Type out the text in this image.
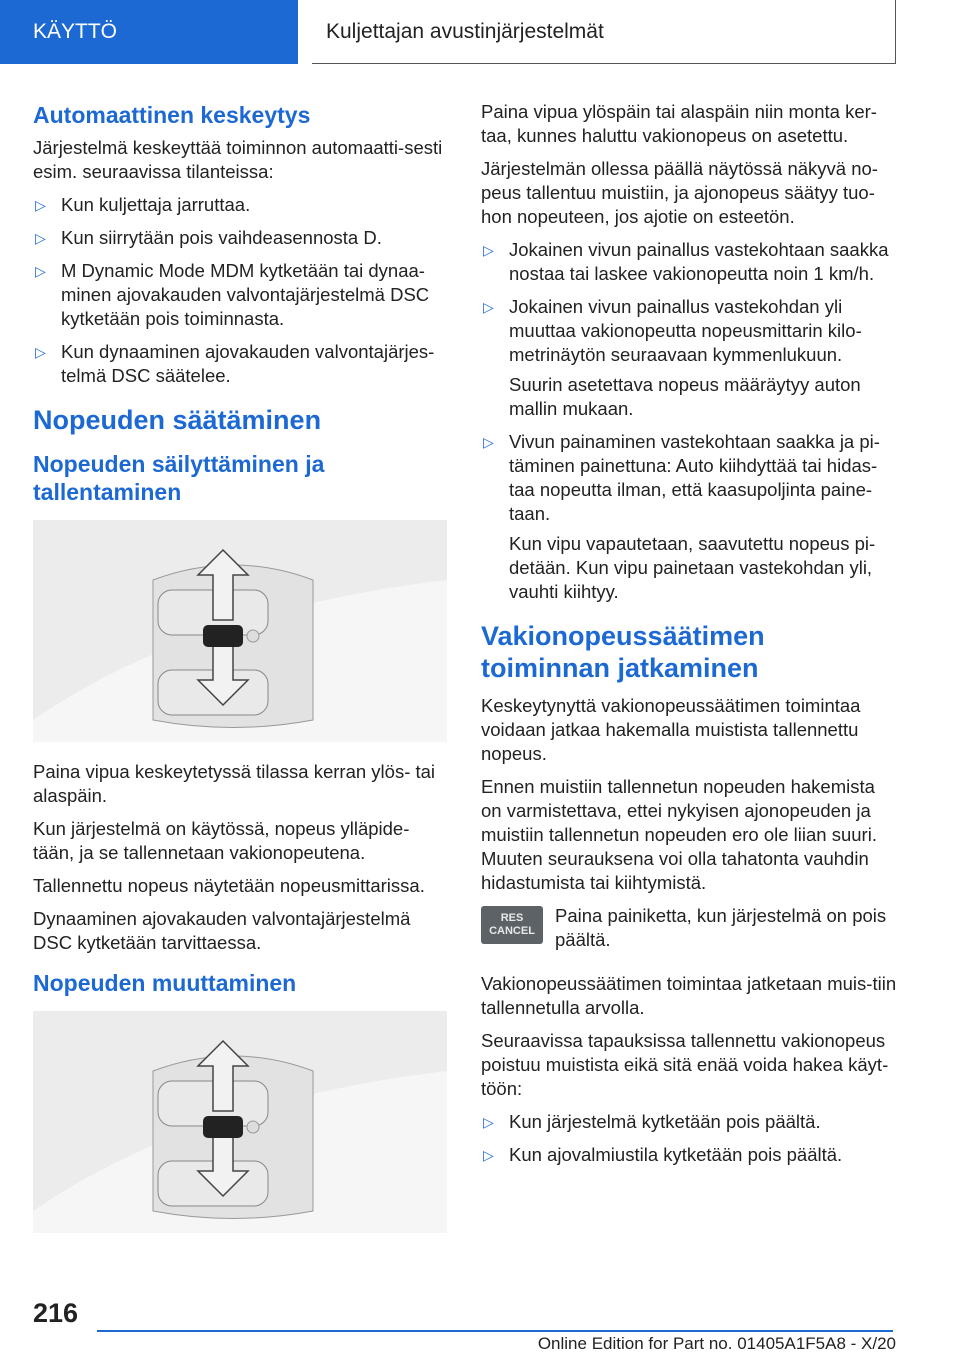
KÄYTTÖ	Kuljettajan avustinjärjestelmät
Automaattinen keskeytys

Järjestelmä keskeyttää toiminnon automaatti-sesti esim. seuraavissa tilanteissa:

▷ Kun kuljettaja jarruttaa.
▷ Kun siirrytään pois vaihdeasennosta D.
▷ M Dynamic Mode MDM kytketään tai dynaa-minen ajovakauden valvontajärjestelmä DSC kytketään pois toiminnasta.
▷ Kun dynaaminen ajovakauden valvontajärjes-telmä DSC säätelee.
Nopeuden säätäminen
Nopeuden säilyttäminen ja tallentaminen

Paina vipua keskeytetyssä tilassa kerran ylös- tai alaspäin.

Kun järjestelmä on käytössä, nopeus ylläpide-tään, ja se tallennetaan vakionopeutena.

Tallennettu nopeus näytetään nopeusmittarissa.

Dynaaminen ajovakauden valvontajärjestelmä DSC kytketään tarvittaessa.

Nopeuden muuttaminen

Paina vipua ylöspäin tai alaspäin niin monta ker-taa, kunnes haluttu vakionopeus on asetettu.

Järjestelmän ollessa päällä näytössä näkyvä no-peus tallentuu muistiin, ja ajonopeus säätyy tuo-hon nopeuteen, jos ajotie on esteetön.

▷ Jokainen vivun painallus vastekohtaan saakka nostaa tai laskee vakionopeutta noin 1 km/h.
▷ Jokainen vivun painallus vastekohdan yli muuttaa vakionopeutta nopeusmittarin kilo-metrinäytön seuraavaan kymmenlukuun.

Suurin asetettava nopeus määräytyy auton mallin mukaan.

▷ Vivun painaminen vastekohtaan saakka ja pi-täminen painettuna: Auto kiihdyttää tai hidas-taa nopeutta ilman, että kaasupoljinta paine-taan.

Kun vipu vapautetaan, saavutettu nopeus pi-detään. Kun vipu painetaan vastekohdan yli, vauhti kiihtyy.

Vakionopeussäätimen toiminnan jatkaminen

Keskeytynyttä vakionopeussäätimen toimintaa voidaan jatkaa hakemalla muistista tallennettu nopeus.

Ennen muistiin tallennetun nopeuden hakemista on varmistettava, ettei nykyisen ajonopeuden ja muistiin tallennetun nopeuden ero ole liian suuri. Muuten seurauksena voi olla tahatonta vauhdin hidastumista tai kiihtymistä.

RES
CANCEL

Paina painiketta, kun järjestelmä on pois päältä.

Vakionopeussäätimen toimintaa jatketaan muis-tiin tallennetulla arvolla.

Seuraavissa tapauksissa tallennettu vakionopeus poistuu muistista eikä sitä enää voida hakea käyt-töön:

▷ Kun järjestelmä kytketään pois päältä.
▷ Kun ajovalmiustila kytketään pois päältä.
216
Online Edition for Part no. 01405A1F5A8 - X/20
